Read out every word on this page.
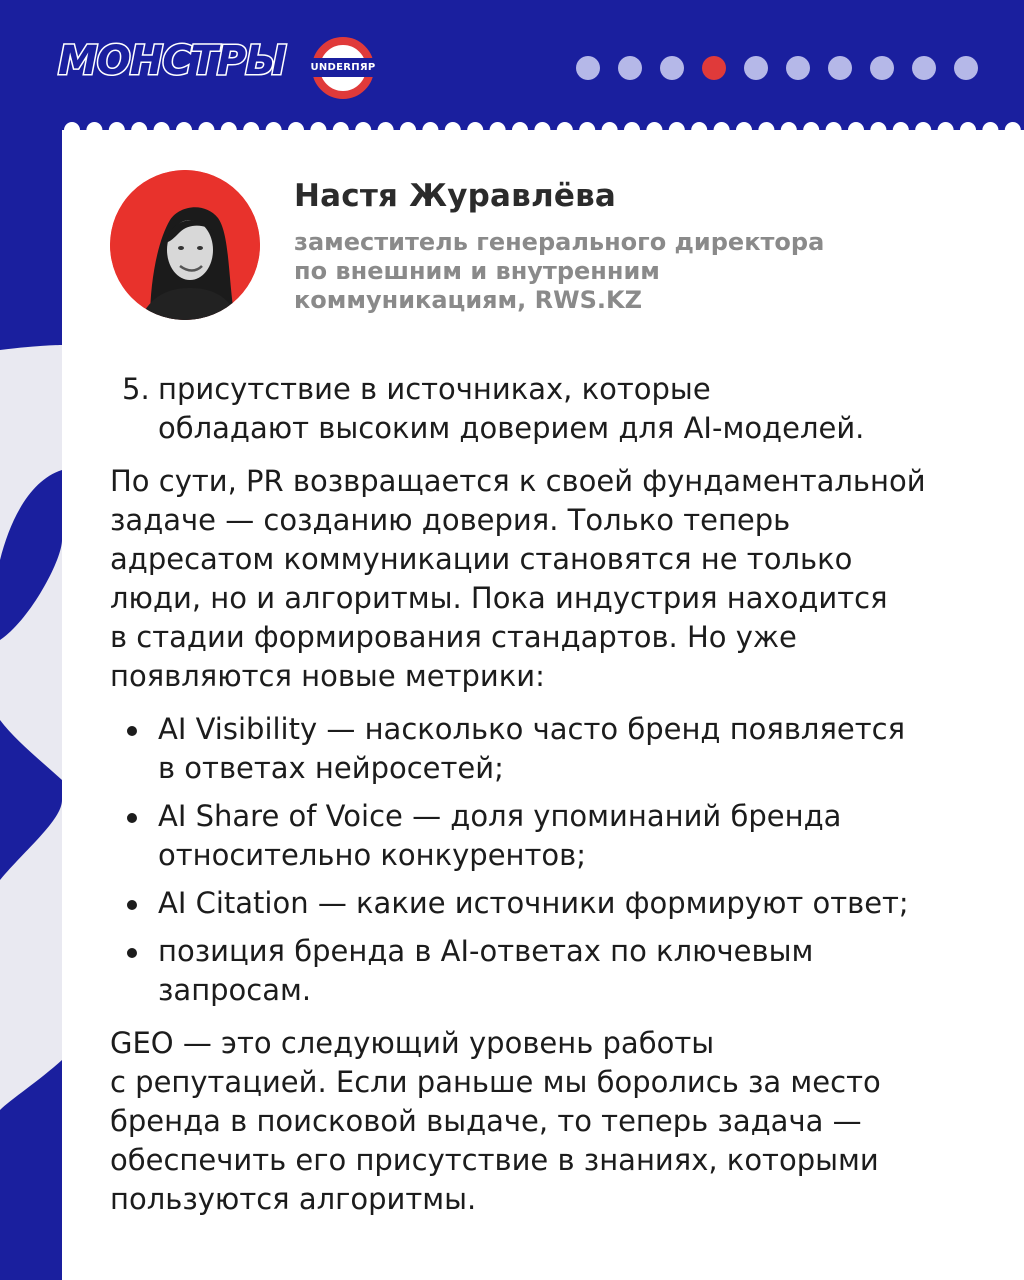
МОНСТРЫ	UNDERПЯР
Настя Журавлёва
заместитель генерального директора
по внешним и внутренним
коммуникациям, RWS.KZ
5. присутствие в источниках, которые
обладают высоким доверием для AI-моделей.

По сути, PR возвращается к своей фундаментальной
задаче — созданию доверия. Только теперь
адресатом коммуникации становятся не только
люди, но и алгоритмы. Пока индустрия находится
в стадии формирования стандартов. Но уже
появляются новые метрики:

AI Visibility — насколько часто бренд появляется
в ответах нейросетей;
AI Share of Voice — доля упоминаний бренда
относительно конкурентов;
AI Citation — какие источники формируют ответ;
позиция бренда в AI-ответах по ключевым
запросам.

GEO — это следующий уровень работы
с репутацией. Если раньше мы боролись за место
бренда в поисковой выдаче, то теперь задача —
обеспечить его присутствие в знаниях, которыми
пользуются алгоритмы.
